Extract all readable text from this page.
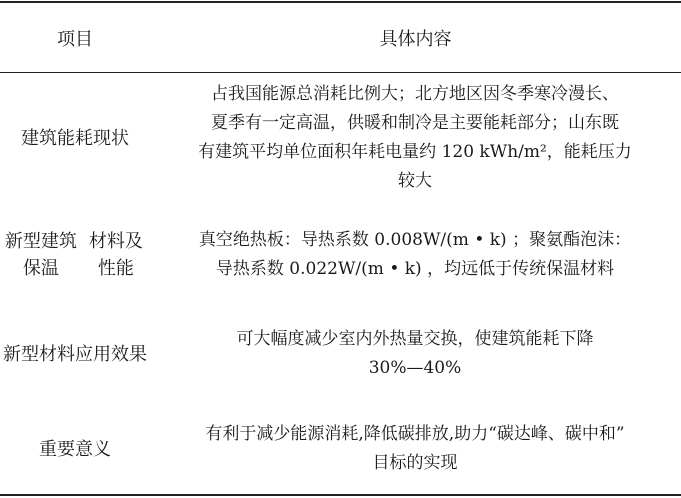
项目	具体内容
建筑能耗现状
占我国能源总消耗比例大；北方地区因冬季寒冷漫长、
夏季有一定高温，供暖和制冷是主要能耗部分；山东既
有建筑平均单位面积年耗电量约 120 kWh/m²，能耗压力
较大
新型建筑保温
材料及性能
真空绝热板：导热系数 0.008W/(m • k) ；聚氨酯泡沫：
导热系数 0.022W/(m • k) ，均远低于传统保温材料
新型材料应用 效果
可大幅度减少室内外热量交换，使建筑能耗下降
30%—40%
重要意义
有利于减少能源消耗,降低碳排放,助力“碳达峰、碳中和”
目标的实现
